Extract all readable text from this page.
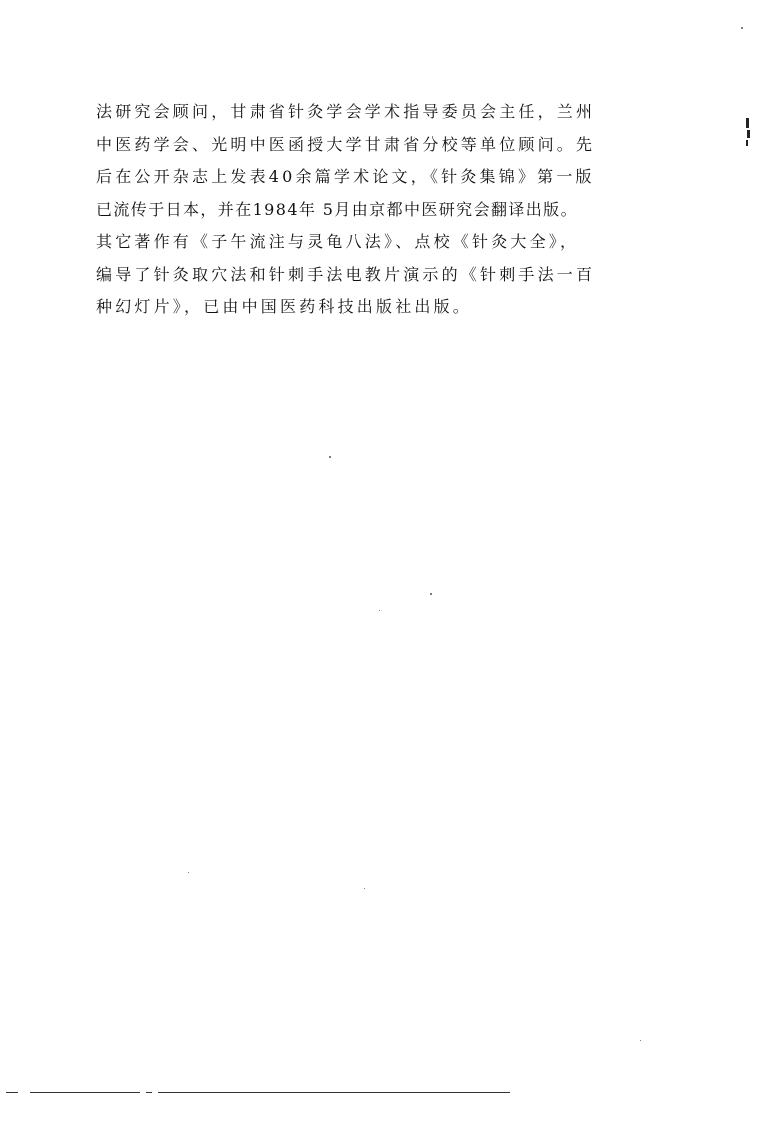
法研究会顾问，甘肃省针灸学会学术指导委员会主任，兰州
中医药学会、光明中医函授大学甘肃省分校等单位顾问。先
后在公开杂志上发表40余篇学术论文，《针灸集锦》第一版
已流传于日本，并在1984年 5月由京都中医研究会翻译出版。
其它著作有《子午流注与灵龟八法》、点校《针灸大全》，
编导了针灸取穴法和针刺手法电教片演示的《针刺手法一百
种幻灯片》，已由中国医药科技出版社出版。
